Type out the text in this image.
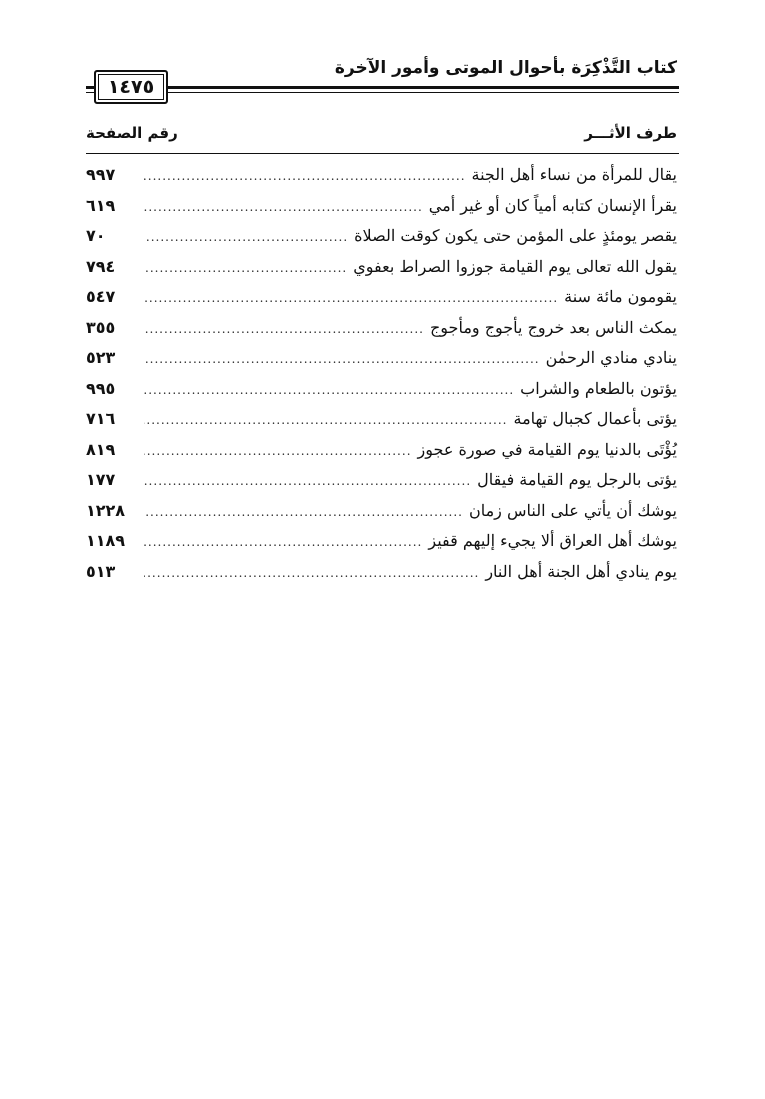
كتاب التَّذْكِرَة بأحوال الموتى وأمور الآخرة
١٤٧٥
طرف الأثـــر
رقم الصفحة
يقال للمرأة من نساء أهل الجنة
.....
٩٩٧
يقرأ الإنسان كتابه أمياً كان أو غير أمي
.....
٦١٩
يقصر يومئذٍ على المؤمن حتى يكون كوقت الصلاة
.....
٧٠
يقول الله تعالى يوم القيامة جوزوا الصراط بعفوي
.....
٧٩٤
يقومون مائة سنة
.....
٥٤٧
يمكث الناس بعد خروج يأجوج ومأجوج
.....
٣٥٥
ينادي منادي الرحمٰن
.....
٥٢٣
يؤتون بالطعام والشراب
.....
٩٩٥
يؤتى بأعمال كجبال تهامة
.....
٧١٦
يُؤْتَى بالدنيا يوم القيامة في صورة عجوز
.....
٨١٩
يؤتى بالرجل يوم القيامة فيقال
.....
١٧٧
يوشك أن يأتي على الناس زمان
.....
١٢٢٨
يوشك أهل العراق ألا يجيء إليهم قفيز
.....
١١٨٩
يوم ينادي أهل الجنة أهل النار
.....
٥١٣
